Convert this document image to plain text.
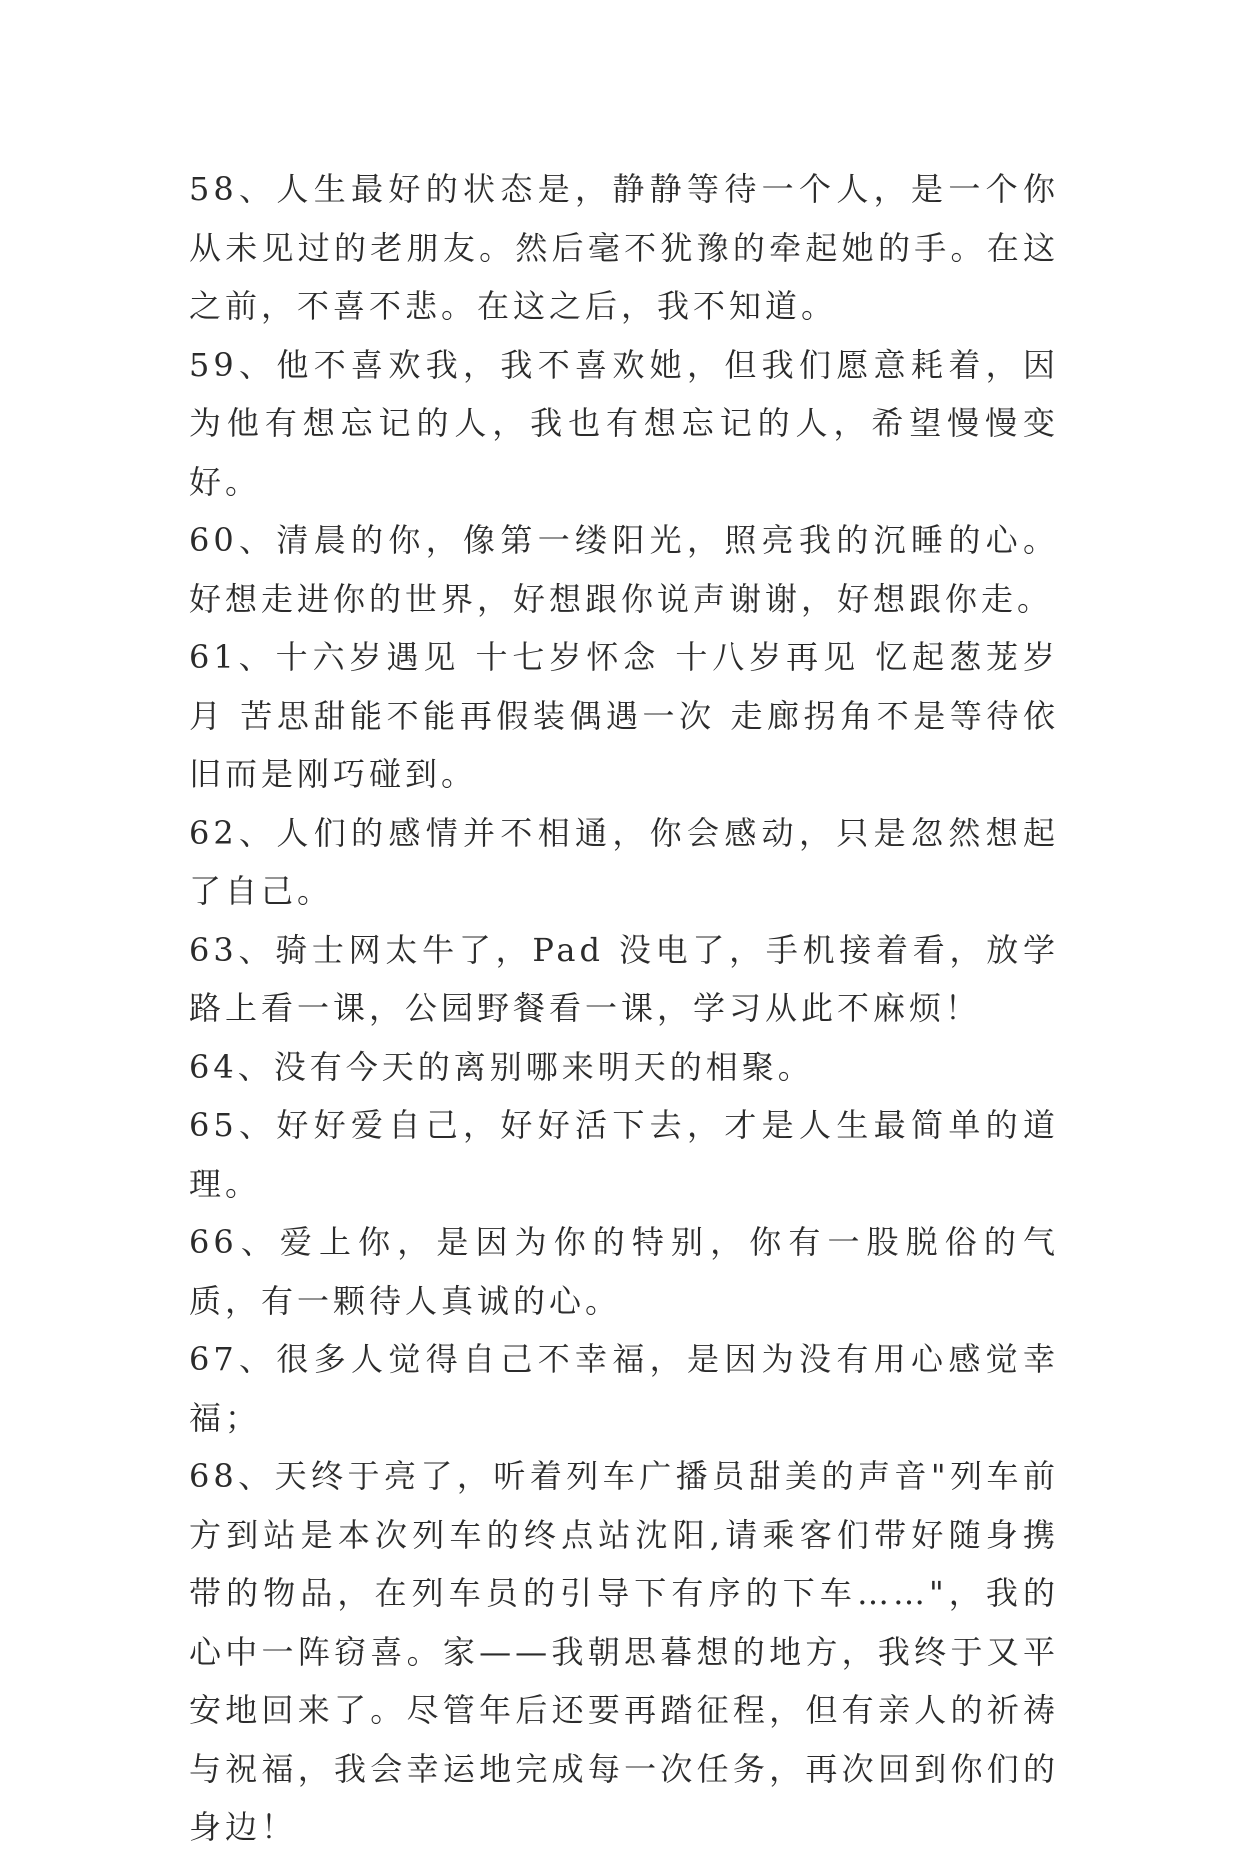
58、人生最好的状态是，静静等待一个人，是一个你从未见过的老朋友。然后毫不犹豫的牵起她的手。在这之前，不喜不悲。在这之后，我不知道。

59、他不喜欢我，我不喜欢她，但我们愿意耗着，因为他有想忘记的人，我也有想忘记的人，希望慢慢变好。

60、清晨的你，像第一缕阳光，照亮我的沉睡的心。好想走进你的世界，好想跟你说声谢谢，好想跟你走。

61、十六岁遇见 十七岁怀念 十八岁再见 忆起葱茏岁月 苦思甜能不能再假装偶遇一次 走廊拐角不是等待依旧而是刚巧碰到。

62、人们的感情并不相通，你会感动，只是忽然想起了自己。

63、骑士网太牛了，Pad 没电了，手机接着看，放学路上看一课，公园野餐看一课，学习从此不麻烦！

64、没有今天的离别哪来明天的相聚。

65、好好爱自己，好好活下去，才是人生最简单的道理。

66、爱上你，是因为你的特别，你有一股脱俗的气质，有一颗待人真诚的心。

67、很多人觉得自己不幸福，是因为没有用心感觉幸福；

68、天终于亮了，听着列车广播员甜美的声音"列车前方到站是本次列车的终点站沈阳,请乘客们带好随身携带的物品，在列车员的引导下有序的下车……"，我的心中一阵窃喜。家——我朝思暮想的地方，我终于又平安地回来了。尽管年后还要再踏征程，但有亲人的祈祷与祝福，我会幸运地完成每一次任务，再次回到你们的身边！
